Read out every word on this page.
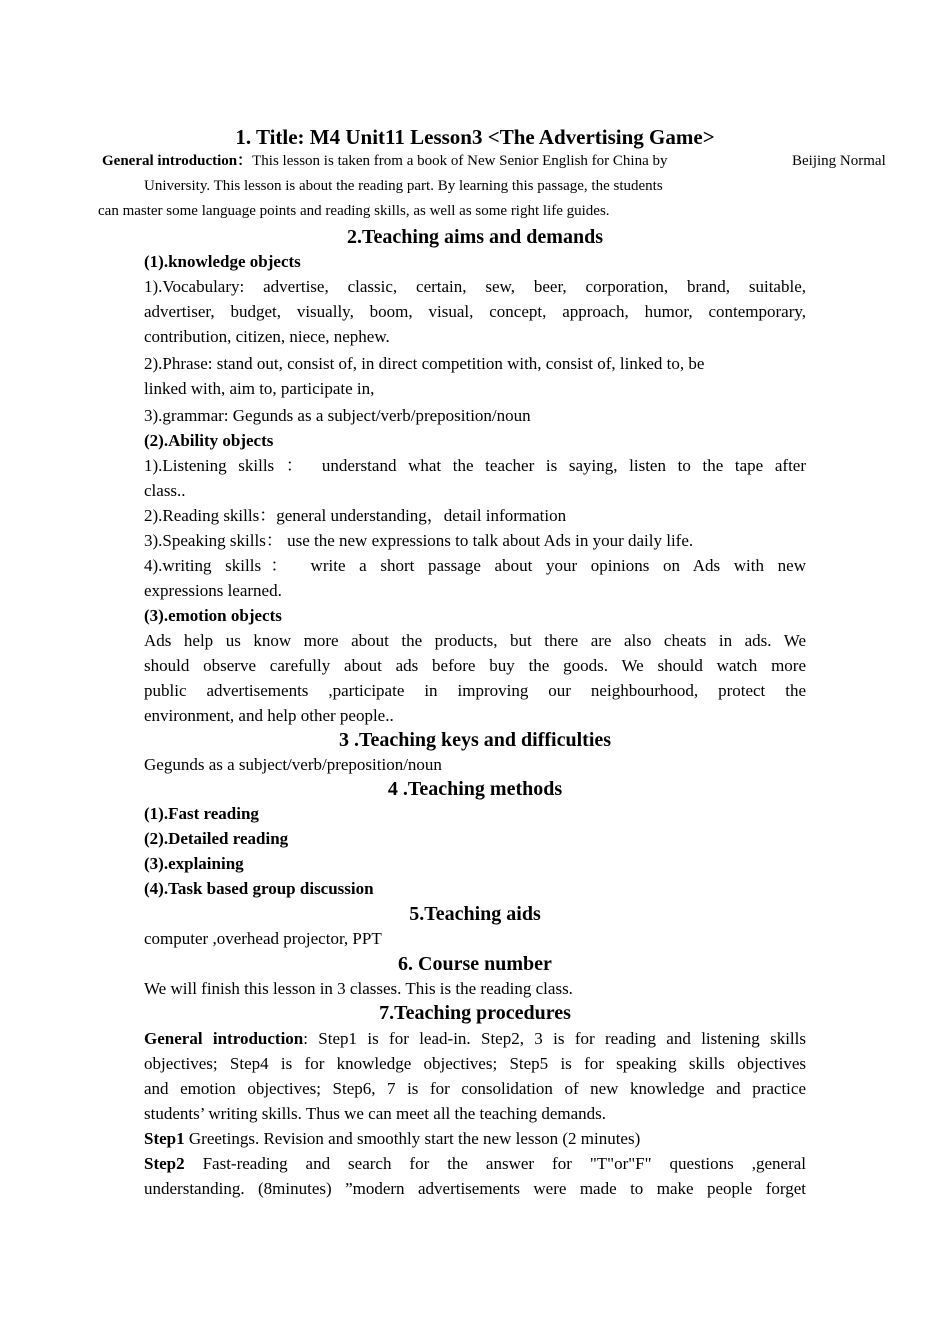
1. Title: M4 Unit11 Lesson3 <The Advertising Game>
General introduction：This lesson is taken from a book of New Senior English for China by	Beijing Normal
University. This lesson is about the reading part. By learning this passage, the students
can master some language points and reading skills, as well as some right life guides.
2.Teaching aims and demands
(1).knowledge objects
1).Vocabulary: advertise, classic, certain, sew, beer, corporation, brand, suitable,
advertiser, budget, visually, boom, visual, concept, approach, humor, contemporary,
contribution, citizen, niece, nephew.
2).Phrase: stand out, consist of, in direct competition with, consist of, linked to, be
linked with, aim to, participate in,
3).grammar: Gegunds as a subject/verb/preposition/noun
(2).Ability objects
1).Listening skills ： understand what the teacher is saying, listen to the tape after
class..
2).Reading skills：general understanding，detail information
3).Speaking skills： use the new expressions to talk about Ads in your daily life.
4).writing skills： write a short passage about your opinions on Ads with new
expressions learned.
(3).emotion objects
Ads help us know more about the products, but there are also cheats in ads. We
should observe carefully about ads before buy the goods. We should watch more
public advertisements ,participate in improving our neighbourhood, protect the
environment, and help other people..
3 .Teaching keys and difficulties
Gegunds as a subject/verb/preposition/noun
4 .Teaching methods
(1).Fast reading
(2).Detailed reading
(3).explaining
(4).Task based group discussion
5.Teaching aids
computer ,overhead projector, PPT
6. Course number
We will finish this lesson in 3 classes. This is the reading class.
7.Teaching procedures
General introduction: Step1 is for lead-in. Step2, 3 is for reading and listening skills
objectives; Step4 is for knowledge objectives; Step5 is for speaking skills objectives
and emotion objectives; Step6, 7 is for consolidation of new knowledge and practice
students’ writing skills. Thus we can meet all the teaching demands.
Step1 Greetings. Revision and smoothly start the new lesson (2 minutes)
Step2 Fast-reading and search for the answer for "T"or"F" questions ,general
understanding. (8minutes) ”modern advertisements were made to make people forget
